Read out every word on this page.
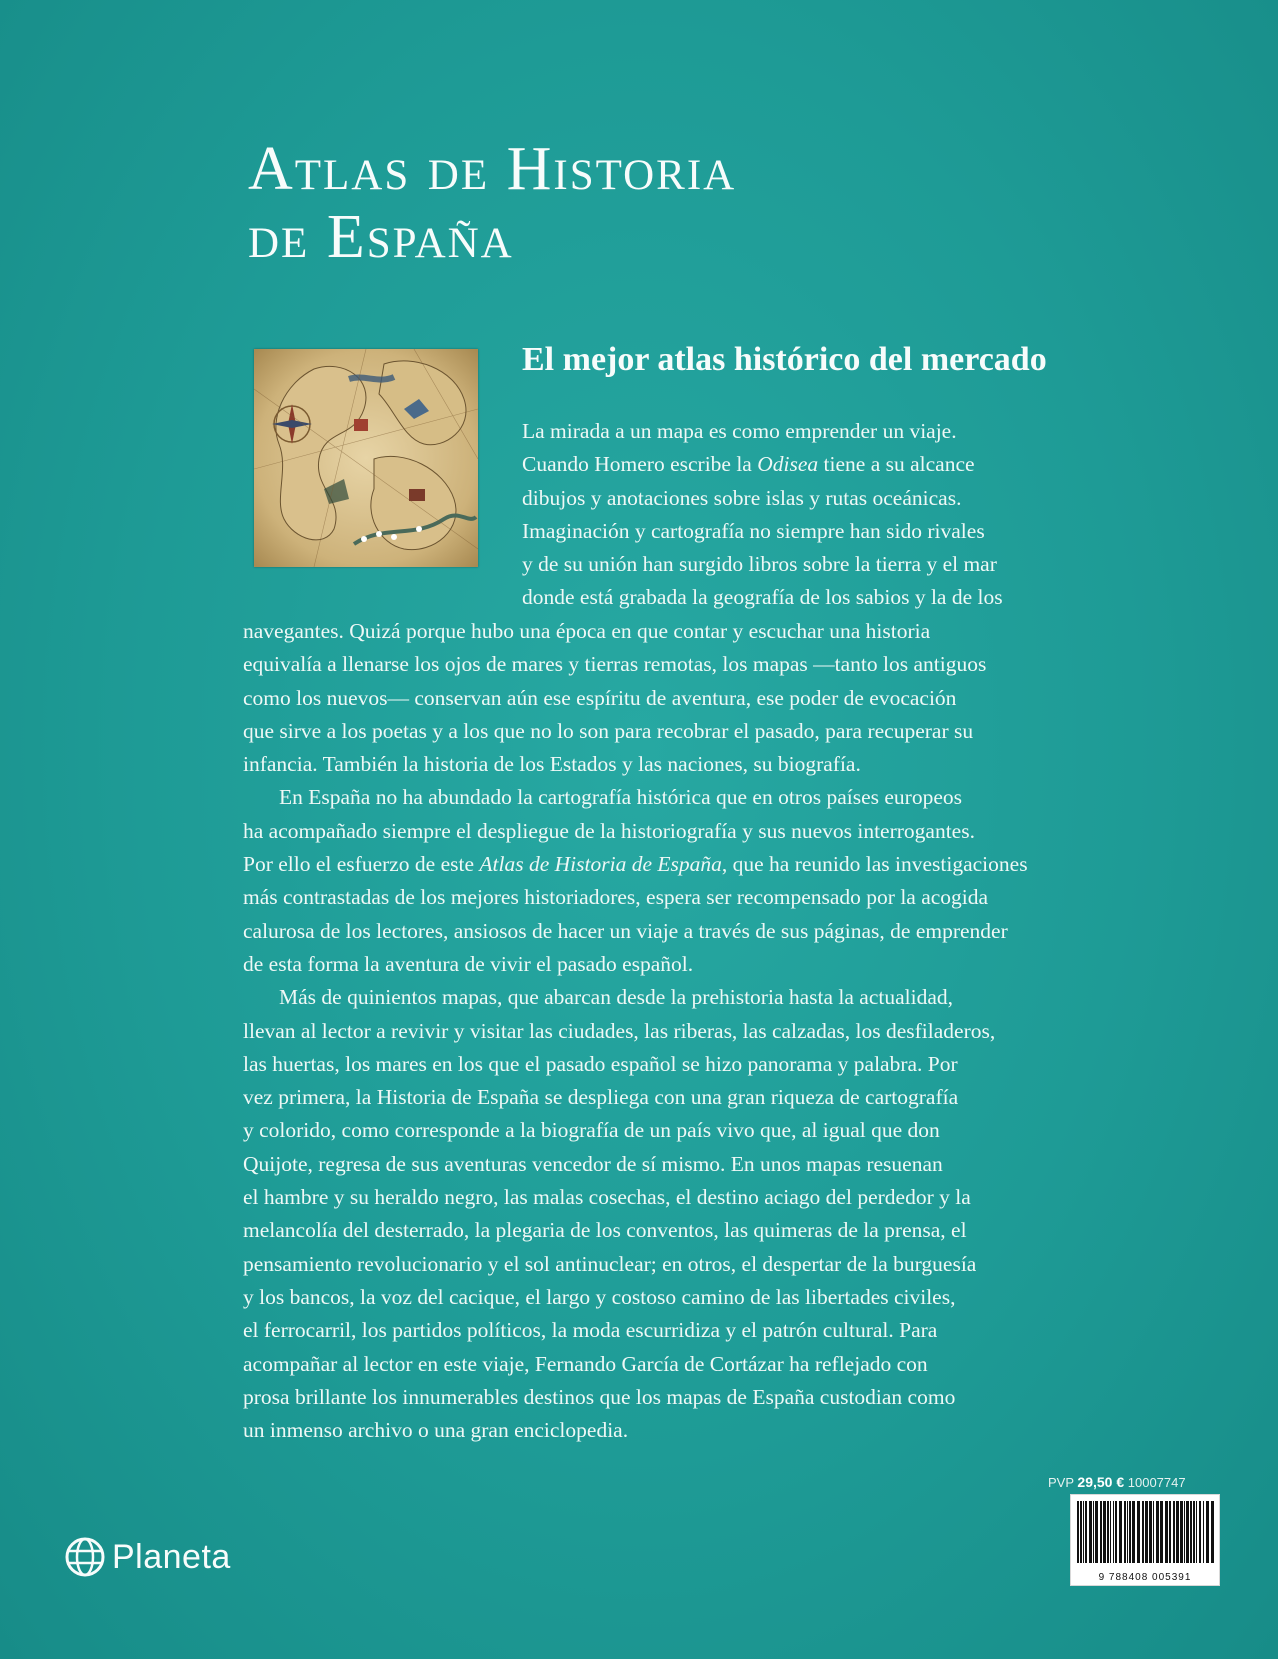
Atlas de Historia
de España
El mejor atlas histórico del mercado
La mirada a un mapa es como emprender un viaje.
Cuando Homero escribe la Odisea tiene a su alcance
dibujos y anotaciones sobre islas y rutas oceánicas.
Imaginación y cartografía no siempre han sido rivales
y de su unión han surgido libros sobre la tierra y el mar
donde está grabada la geografía de los sabios y la de los

navegantes. Quizá porque hubo una época en que contar y escuchar una historia
equivalía a llenarse los ojos de mares y tierras remotas, los mapas —tanto los antiguos
como los nuevos— conservan aún ese espíritu de aventura, ese poder de evocación
que sirve a los poetas y a los que no lo son para recobrar el pasado, para recuperar su
infancia. También la historia de los Estados y las naciones, su biografía.

En España no ha abundado la cartografía histórica que en otros países europeos
ha acompañado siempre el despliegue de la historiografía y sus nuevos interrogantes.
Por ello el esfuerzo de este Atlas de Historia de España, que ha reunido las investigaciones
más contrastadas de los mejores historiadores, espera ser recompensado por la acogida
calurosa de los lectores, ansiosos de hacer un viaje a través de sus páginas, de emprender
de esta forma la aventura de vivir el pasado español.

Más de quinientos mapas, que abarcan desde la prehistoria hasta la actualidad,
llevan al lector a revivir y visitar las ciudades, las riberas, las calzadas, los desfiladeros,
las huertas, los mares en los que el pasado español se hizo panorama y palabra. Por
vez primera, la Historia de España se despliega con una gran riqueza de cartografía
y colorido, como corresponde a la biografía de un país vivo que, al igual que don
Quijote, regresa de sus aventuras vencedor de sí mismo. En unos mapas resuenan
el hambre y su heraldo negro, las malas cosechas, el destino aciago del perdedor y la
melancolía del desterrado, la plegaria de los conventos, las quimeras de la prensa, el
pensamiento revolucionario y el sol antinuclear; en otros, el despertar de la burguesía
y los bancos, la voz del cacique, el largo y costoso camino de las libertades civiles,
el ferrocarril, los partidos políticos, la moda escurridiza y el patrón cultural. Para
acompañar al lector en este viaje, Fernando García de Cortázar ha reflejado con
prosa brillante los innumerables destinos que los mapas de España custodian como
un inmenso archivo o una gran enciclopedia.

Planeta
PVP 29,50 € 10007747
9 788408 005391
